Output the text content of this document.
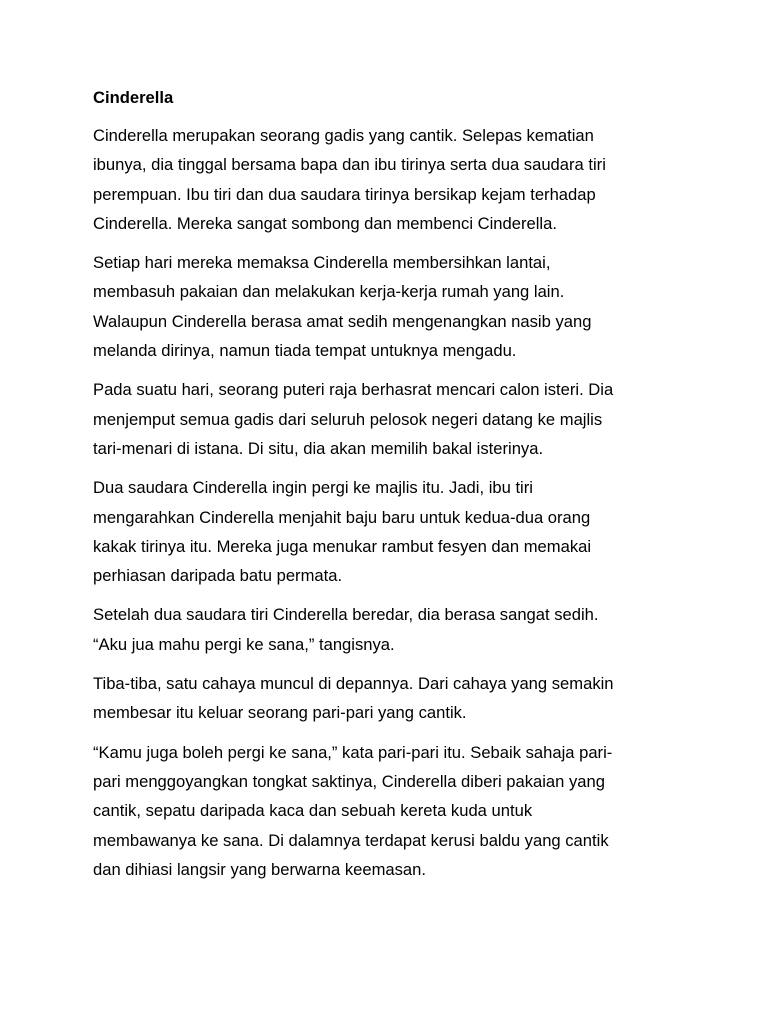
Cinderella

Cinderella merupakan seorang gadis yang cantik. Selepas kematian
ibunya, dia tinggal bersama bapa dan ibu tirinya serta dua saudara tiri
perempuan. Ibu tiri dan dua saudara tirinya bersikap kejam terhadap
Cinderella. Mereka sangat sombong dan membenci Cinderella.

Setiap hari mereka memaksa Cinderella membersihkan lantai,
membasuh pakaian dan melakukan kerja-kerja rumah yang lain.
Walaupun Cinderella berasa amat sedih mengenangkan nasib yang
melanda dirinya, namun tiada tempat untuknya mengadu.

Pada suatu hari, seorang puteri raja berhasrat mencari calon isteri. Dia
menjemput semua gadis dari seluruh pelosok negeri datang ke majlis
tari-menari di istana. Di situ, dia akan memilih bakal isterinya.

Dua saudara Cinderella ingin pergi ke majlis itu. Jadi, ibu tiri
mengarahkan Cinderella menjahit baju baru untuk kedua-dua orang
kakak tirinya itu. Mereka juga menukar rambut fesyen dan memakai
perhiasan daripada batu permata.

Setelah dua saudara tiri Cinderella beredar, dia berasa sangat sedih.
“Aku jua mahu pergi ke sana,” tangisnya.

Tiba-tiba, satu cahaya muncul di depannya. Dari cahaya yang semakin
membesar itu keluar seorang pari-pari yang cantik.

“Kamu juga boleh pergi ke sana,” kata pari-pari itu. Sebaik sahaja pari-
pari menggoyangkan tongkat saktinya, Cinderella diberi pakaian yang
cantik, sepatu daripada kaca dan sebuah kereta kuda untuk
membawanya ke sana. Di dalamnya terdapat kerusi baldu yang cantik
dan dihiasi langsir yang berwarna keemasan.
